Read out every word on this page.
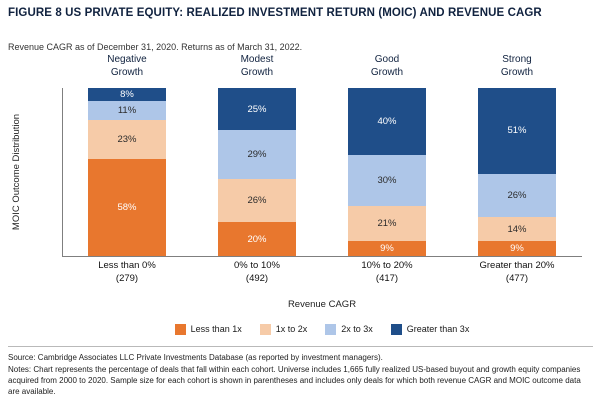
FIGURE 8 US PRIVATE EQUITY: REALIZED INVESTMENT RETURN (MOIC) AND REVENUE CAGR
Revenue CAGR as of December 31, 2020. Returns as of March 31, 2022.
MOIC Outcome Distribution
Negative
Growth
58%
23%
11%
8%
Less than 0%
(279)
Modest
Growth
20%
26%
29%
25%
0% to 10%
(492)
Good
Growth
9%
21%
30%
40%
10% to 20%
(417)
Strong
Growth
9%
14%
26%
51%
Greater than 20%
(477)
Revenue CAGR
Less than 1x	1x to 2x	2x to 3x	Greater than 3x

Source: Cambridge Associates LLC Private Investments Database (as reported by investment managers).

Notes: Chart represents the percentage of deals that fall within each cohort. Universe includes 1,665 fully realized US-based buyout and growth equity companies acquired from 2000 to 2020. Sample size for each cohort is shown in parentheses and includes only deals for which both revenue CAGR and MOIC outcome data are available.
